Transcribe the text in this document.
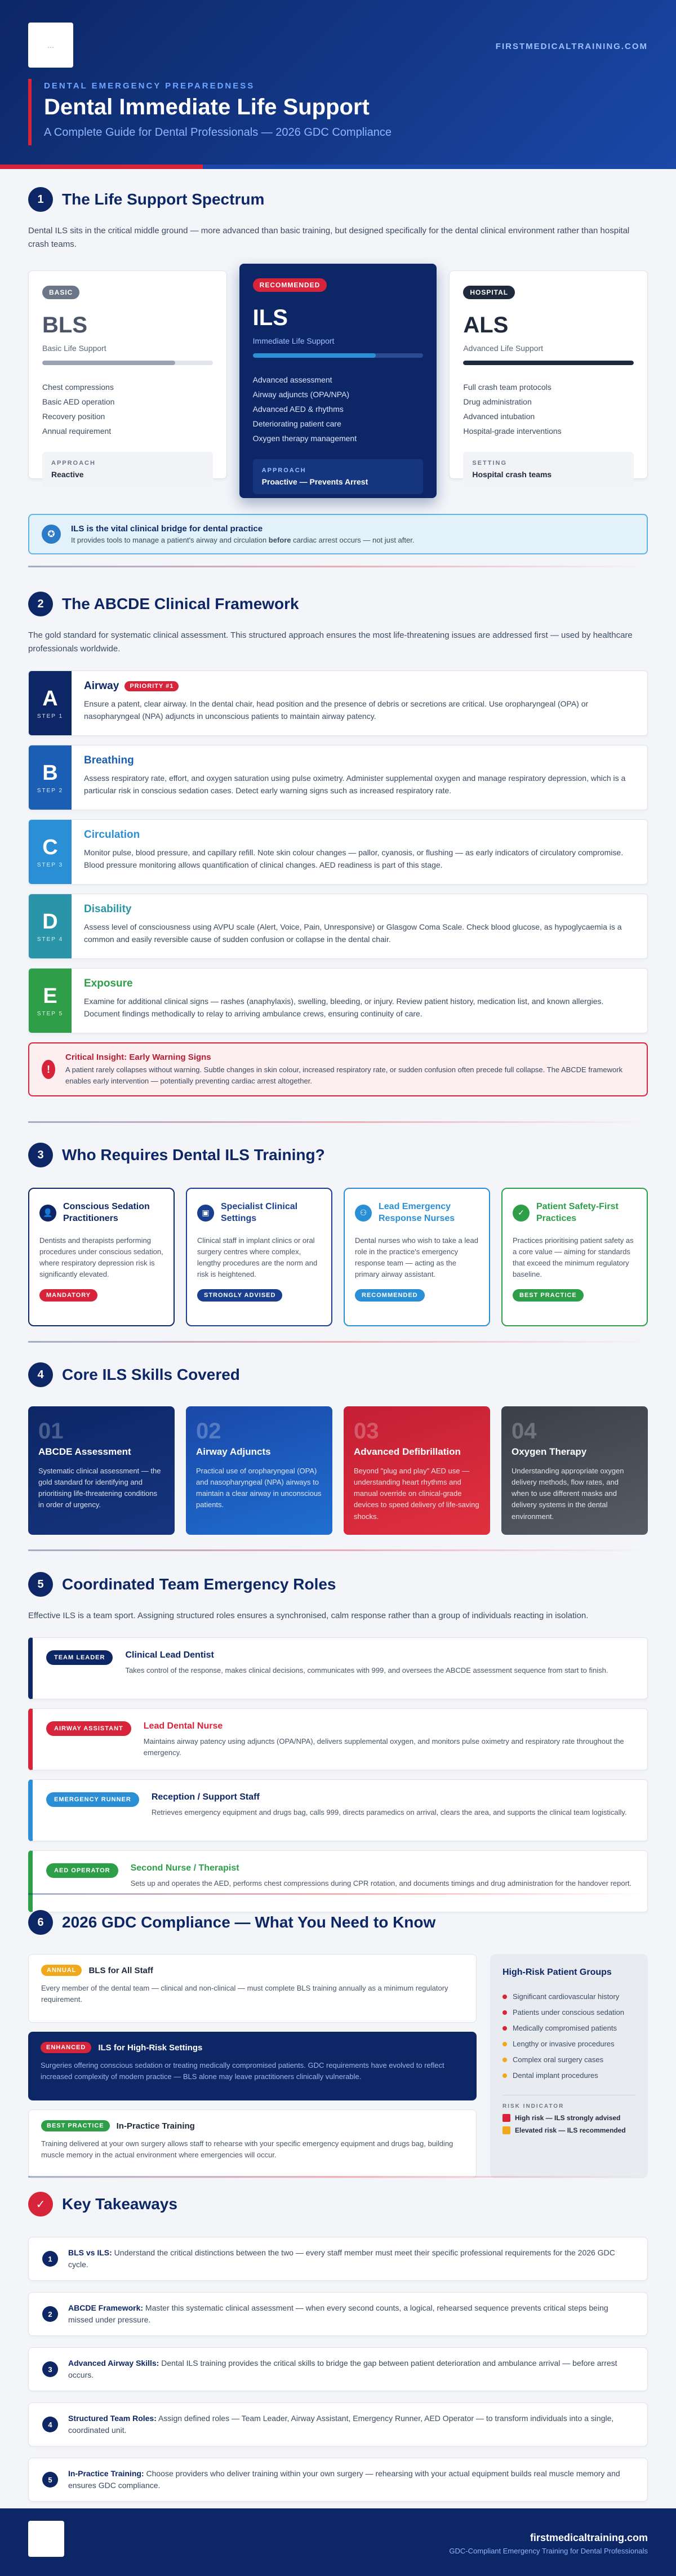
...	FIRSTMEDICALTRAINING.COM
DENTAL EMERGENCY PREPAREDNESS
Dental Immediate Life Support
A Complete Guide for Dental Professionals — 2026 GDC Compliance
1	The Life Support Spectrum

Dental ILS sits in the critical middle ground — more advanced than basic training, but designed specifically for the dental clinical environment rather than hospital crash teams.

BASIC
BLS
Basic Life Support
Chest compressions
Basic AED operation
Recovery position
Annual requirement
APPROACH
Reactive
RECOMMENDED
ILS
Immediate Life Support
Advanced assessment
Airway adjuncts (OPA/NPA)
Advanced AED & rhythms
Deteriorating patient care
Oxygen therapy management
APPROACH
Proactive — Prevents Arrest
HOSPITAL
ALS
Advanced Life Support
Full crash team protocols
Drug administration
Advanced intubation
Hospital-grade interventions
SETTING
Hospital crash teams
✪
ILS is the vital clinical bridge for dental practice
It provides tools to manage a patient's airway and circulation before cardiac arrest occurs — not just after.
2	The ABCDE Clinical Framework

The gold standard for systematic clinical assessment. This structured approach ensures the most life-threatening issues are addressed first — used by healthcare professionals worldwide.

A
STEP 1
Airway	PRIORITY #1
Ensure a patent, clear airway. In the dental chair, head position and the presence of debris or secretions are critical. Use oropharyngeal (OPA) or nasopharyngeal (NPA) adjuncts in unconscious patients to maintain airway patency.
B
STEP 2
Breathing
Assess respiratory rate, effort, and oxygen saturation using pulse oximetry. Administer supplemental oxygen and manage respiratory depression, which is a particular risk in conscious sedation cases. Detect early warning signs such as increased respiratory rate.
C
STEP 3
Circulation
Monitor pulse, blood pressure, and capillary refill. Note skin colour changes — pallor, cyanosis, or flushing — as early indicators of circulatory compromise. Blood pressure monitoring allows quantification of clinical changes. AED readiness is part of this stage.
D
STEP 4
Disability
Assess level of consciousness using AVPU scale (Alert, Voice, Pain, Unresponsive) or Glasgow Coma Scale. Check blood glucose, as hypoglycaemia is a common and easily reversible cause of sudden confusion or collapse in the dental chair.
E
STEP 5
Exposure
Examine for additional clinical signs — rashes (anaphylaxis), swelling, bleeding, or injury. Review patient history, medication list, and known allergies. Document findings methodically to relay to arriving ambulance crews, ensuring continuity of care.
!
Critical Insight: Early Warning Signs
A patient rarely collapses without warning. Subtle changes in skin colour, increased respiratory rate, or sudden confusion often precede full collapse. The ABCDE framework enables early intervention — potentially preventing cardiac arrest altogether.
3	Who Requires Dental ILS Training?
👤
Conscious Sedation Practitioners
Dentists and therapists performing procedures under conscious sedation, where respiratory depression risk is significantly elevated.
MANDATORY
▣
Specialist Clinical Settings
Clinical staff in implant clinics or oral surgery centres where complex, lengthy procedures are the norm and risk is heightened.
STRONGLY ADVISED
⚇
Lead Emergency Response Nurses
Dental nurses who wish to take a lead role in the practice's emergency response team — acting as the primary airway assistant.
RECOMMENDED
✓
Patient Safety-First Practices
Practices prioritising patient safety as a core value — aiming for standards that exceed the minimum regulatory baseline.
BEST PRACTICE
4	Core ILS Skills Covered
01
ABCDE Assessment
Systematic clinical assessment — the gold standard for identifying and prioritising life-threatening conditions in order of urgency.
02
Airway Adjuncts
Practical use of oropharyngeal (OPA) and nasopharyngeal (NPA) airways to maintain a clear airway in unconscious patients.
03
Advanced Defibrillation
Beyond "plug and play" AED use — understanding heart rhythms and manual override on clinical-grade devices to speed delivery of life-saving shocks.
04
Oxygen Therapy
Understanding appropriate oxygen delivery methods, flow rates, and when to use different masks and delivery systems in the dental environment.
5	Coordinated Team Emergency Roles

Effective ILS is a team sport. Assigning structured roles ensures a synchronised, calm response rather than a group of individuals reacting in isolation.

TEAM LEADER	Clinical Lead Dentist
Takes control of the response, makes clinical decisions, communicates with 999, and oversees the ABCDE assessment sequence from start to finish.
AIRWAY ASSISTANT	Lead Dental Nurse
Maintains airway patency using adjuncts (OPA/NPA), delivers supplemental oxygen, and monitors pulse oximetry and respiratory rate throughout the emergency.
EMERGENCY RUNNER	Reception / Support Staff
Retrieves emergency equipment and drugs bag, calls 999, directs paramedics on arrival, clears the area, and supports the clinical team logistically.
AED OPERATOR	Second Nurse / Therapist
Sets up and operates the AED, performs chest compressions during CPR rotation, and documents timings and drug administration for the handover report.
6	2026 GDC Compliance — What You Need to Know
ANNUAL	BLS for All Staff
Every member of the dental team — clinical and non-clinical — must complete BLS training annually as a minimum regulatory requirement.
ENHANCED	ILS for High-Risk Settings
Surgeries offering conscious sedation or treating medically compromised patients. GDC requirements have evolved to reflect increased complexity of modern practice — BLS alone may leave practitioners clinically vulnerable.
BEST PRACTICE	In-Practice Training
Training delivered at your own surgery allows staff to rehearse with your specific emergency equipment and drugs bag, building muscle memory in the actual environment where emergencies will occur.
High-Risk Patient Groups
Significant cardiovascular history
Patients under conscious sedation
Medically compromised patients
Lengthy or invasive procedures
Complex oral surgery cases
Dental implant procedures
RISK INDICATOR
High risk — ILS strongly advised
Elevated risk — ILS recommended
✓	Key Takeaways
1
BLS vs ILS: Understand the critical distinctions between the two — every staff member must meet their specific professional requirements for the 2026 GDC cycle.
2
ABCDE Framework: Master this systematic clinical assessment — when every second counts, a logical, rehearsed sequence prevents critical steps being missed under pressure.
3
Advanced Airway Skills: Dental ILS training provides the critical skills to bridge the gap between patient deterioration and ambulance arrival — before arrest occurs.
4
Structured Team Roles: Assign defined roles — Team Leader, Airway Assistant, Emergency Runner, AED Operator — to transform individuals into a single, coordinated unit.
5
In-Practice Training: Choose providers who deliver training within your own surgery — rehearsing with your actual equipment builds real muscle memory and ensures GDC compliance.
firstmedicaltraining.com
GDC-Compliant Emergency Training for Dental Professionals
